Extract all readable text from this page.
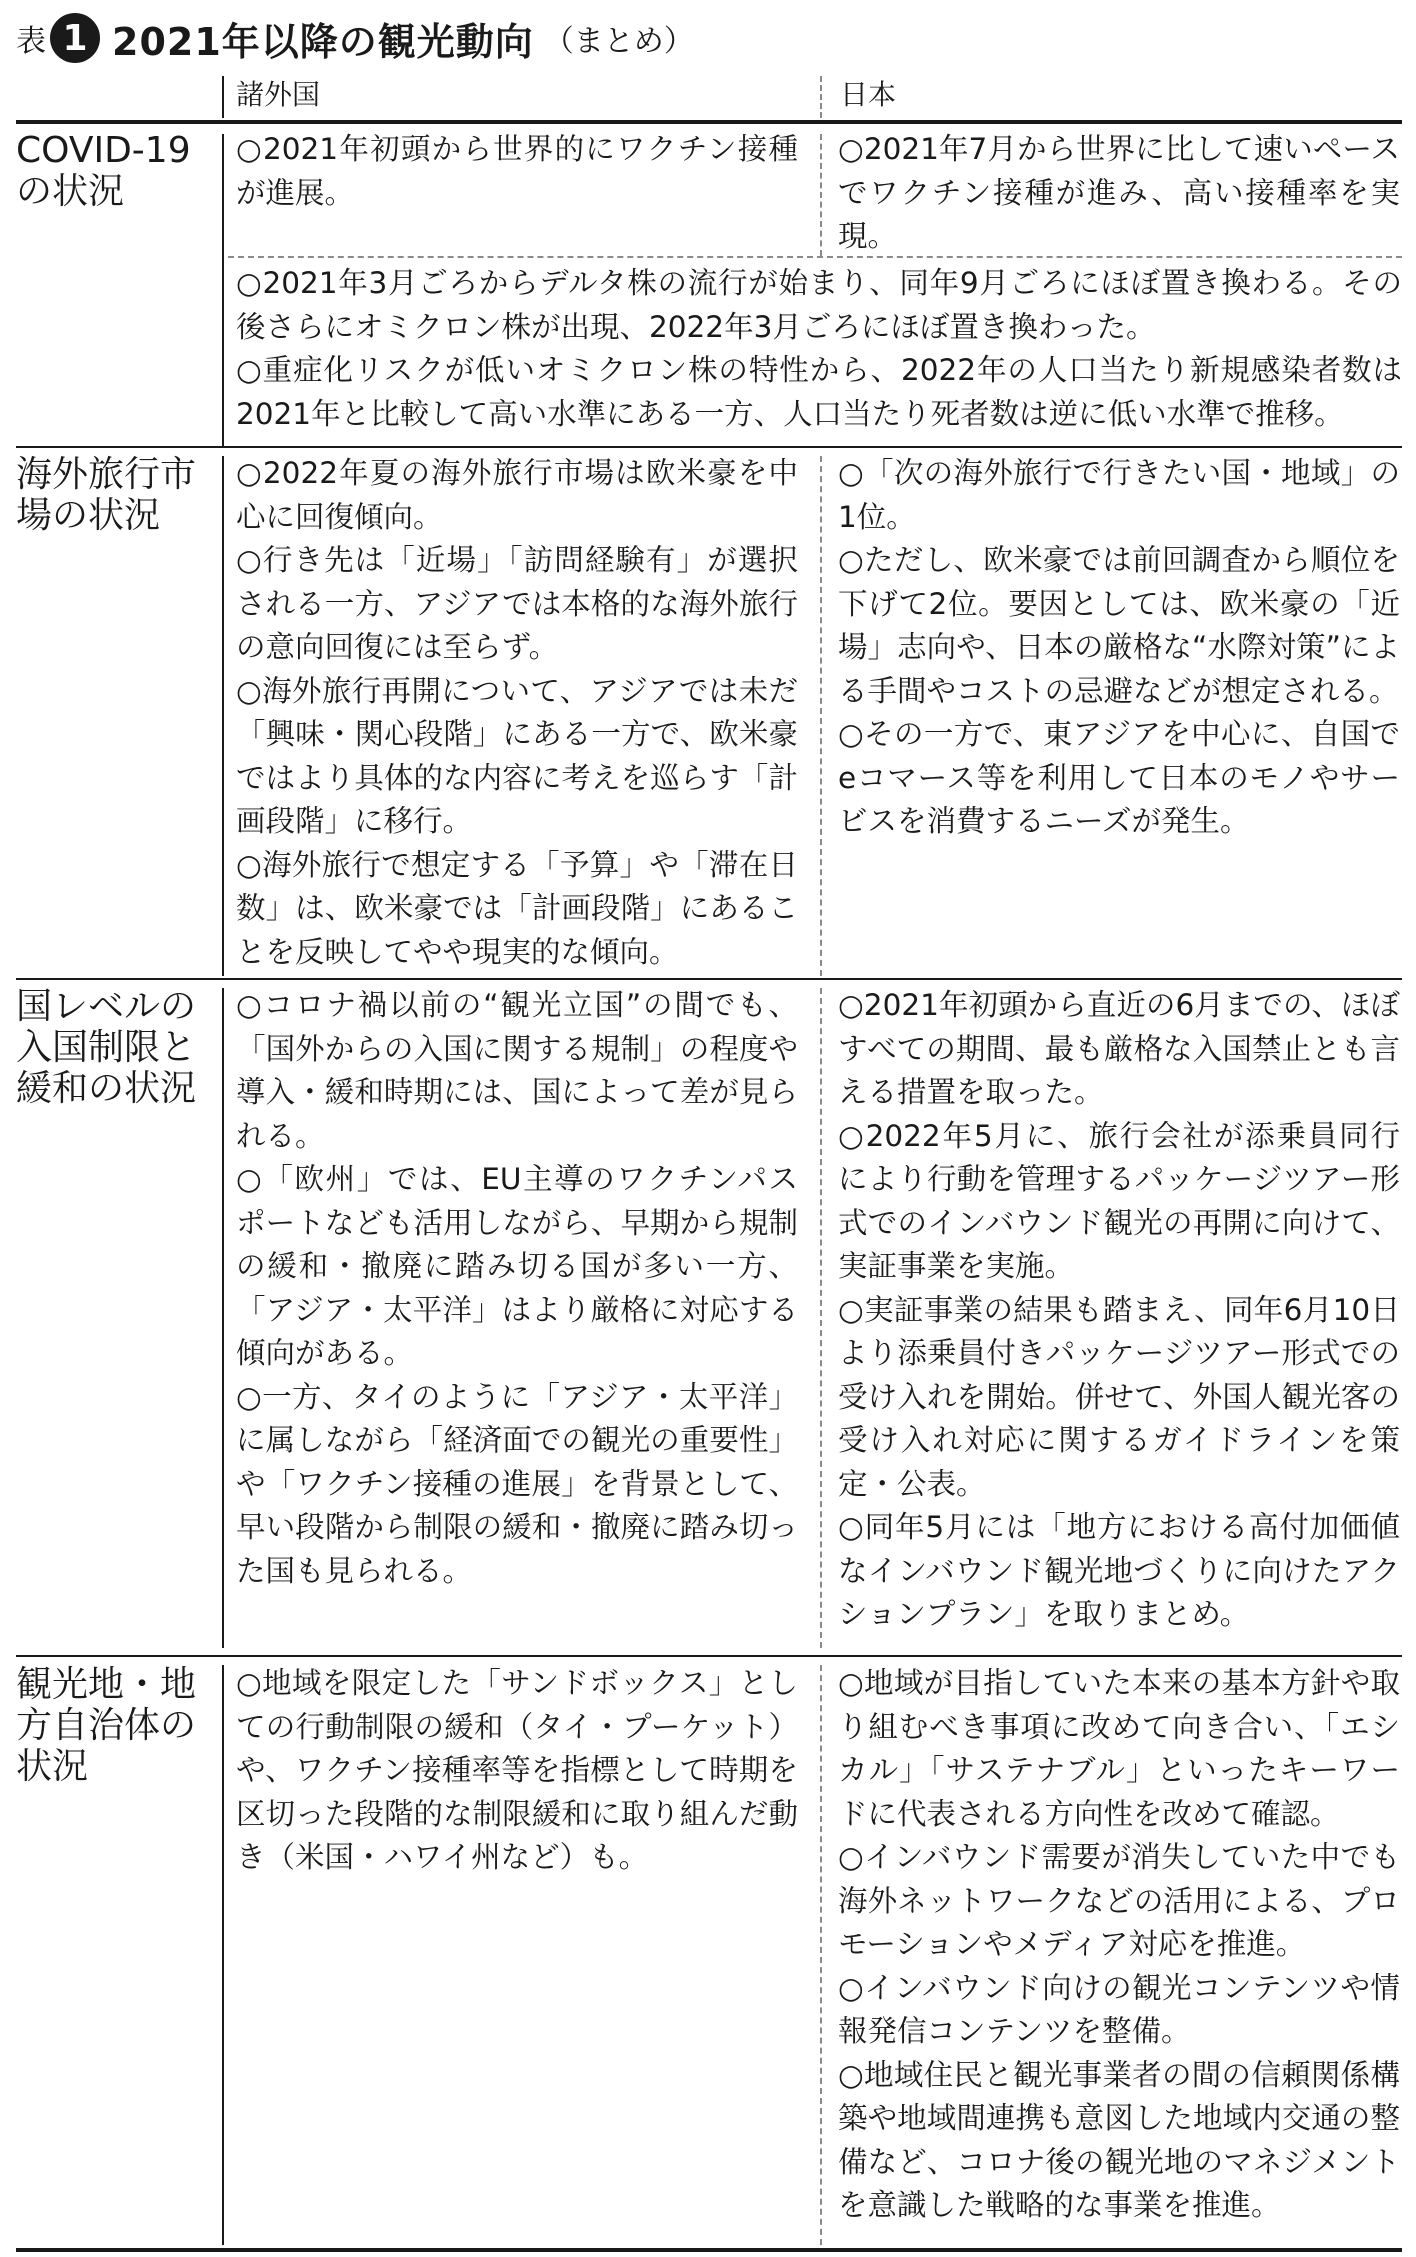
表 1 2021年以降の観光動向 （まとめ）
諸外国	日本
COVID-19の状況
○2021年初頭から世界的にワクチン接種が進展。
○2021年7月から世界に比して速いペースでワクチン接種が進み、高い接種率を実現。
○2021年3月ごろからデルタ株の流行が始まり、同年9月ごろにほぼ置き換わる。その後さらにオミクロン株が出現、2022年3月ごろにほぼ置き換わった。
○重症化リスクが低いオミクロン株の特性から、2022年の人口当たり新規感染者数は2021年と比較して高い水準にある一方、人口当たり死者数は逆に低い水準で推移。
海外旅行市場の状況
○2022年夏の海外旅行市場は欧米豪を中心に回復傾向。
○行き先は「近場」「訪問経験有」が選択される一方、アジアでは本格的な海外旅行の意向回復には至らず。
○海外旅行再開について、アジアでは未だ「興味・関心段階」にある一方で、欧米豪ではより具体的な内容に考えを巡らす「計画段階」に移行。
○海外旅行で想定する「予算」や「滞在日数」は、欧米豪では「計画段階」にあることを反映してやや現実的な傾向。
○「次の海外旅行で行きたい国・地域」の1位。
○ただし、欧米豪では前回調査から順位を下げて2位。要因としては、欧米豪の「近場」志向や、日本の厳格な“水際対策”による手間やコストの忌避などが想定される。
○その一方で、東アジアを中心に、自国でeコマース等を利用して日本のモノやサービスを消費するニーズが発生。
国レベルの入国制限と緩和の状況
○コロナ禍以前の“観光立国”の間でも、「国外からの入国に関する規制」の程度や導入・緩和時期には、国によって差が見られる。
○「欧州」では、EU主導のワクチンパスポートなども活用しながら、早期から規制の緩和・撤廃に踏み切る国が多い一方、「アジア・太平洋」はより厳格に対応する傾向がある。
○一方、タイのように「アジア・太平洋」に属しながら「経済面での観光の重要性」や「ワクチン接種の進展」を背景として、早い段階から制限の緩和・撤廃に踏み切った国も見られる。
○2021年初頭から直近の6月までの、ほぼすべての期間、最も厳格な入国禁止とも言える措置を取った。
○2022年5月に、旅行会社が添乗員同行により行動を管理するパッケージツアー形式でのインバウンド観光の再開に向けて、実証事業を実施。
○実証事業の結果も踏まえ、同年6月10日より添乗員付きパッケージツアー形式での受け入れを開始。併せて、外国人観光客の受け入れ対応に関するガイドラインを策定・公表。
○同年5月には「地方における高付加価値なインバウンド観光地づくりに向けたアクションプラン」を取りまとめ。
観光地・地方自治体の状況
○地域を限定した「サンドボックス」としての行動制限の緩和（タイ・プーケット）や、ワクチン接種率等を指標として時期を区切った段階的な制限緩和に取り組んだ動き（米国・ハワイ州など）も。
○地域が目指していた本来の基本方針や取り組むべき事項に改めて向き合い、「エシカル」「サステナブル」といったキーワードに代表される方向性を改めて確認。
○インバウンド需要が消失していた中でも海外ネットワークなどの活用による、プロモーションやメディア対応を推進。
○インバウンド向けの観光コンテンツや情報発信コンテンツを整備。
○地域住民と観光事業者の間の信頼関係構築や地域間連携も意図した地域内交通の整備など、コロナ後の観光地のマネジメントを意識した戦略的な事業を推進。
